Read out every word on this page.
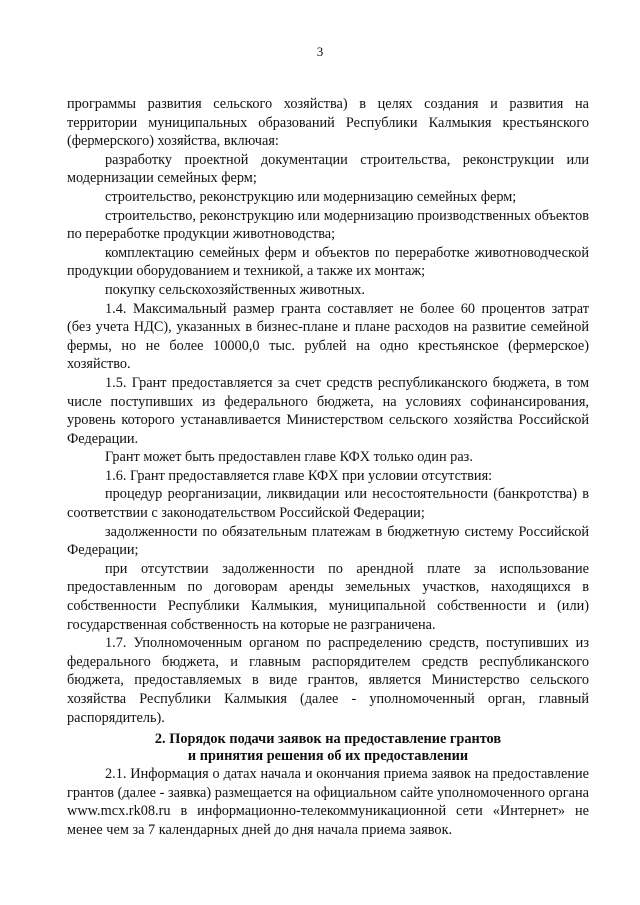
3

программы развития сельского хозяйства) в целях создания и развития на территории муниципальных образований Республики Калмыкия крестьянского (фермерского) хозяйства, включая:

разработку проектной документации строительства, реконструкции или модернизации семейных ферм;

строительство, реконструкцию или модернизацию семейных ферм;

строительство, реконструкцию или модернизацию производственных объектов по переработке продукции животноводства;

комплектацию семейных ферм и объектов по переработке животноводческой продукции оборудованием и техникой, а также их монтаж;

покупку сельскохозяйственных животных.

1.4. Максимальный размер гранта составляет не более 60 процентов затрат (без учета НДС), указанных в бизнес-плане и плане расходов на развитие семейной фермы, но не более 10000,0 тыс. рублей на одно крестьянское (фермерское) хозяйство.

1.5. Грант предоставляется за счет средств республиканского бюджета, в том числе поступивших из федерального бюджета, на условиях софинансирования, уровень которого устанавливается Министерством сельского хозяйства Российской Федерации.

Грант может быть предоставлен главе КФХ только один раз.

1.6. Грант предоставляется главе КФХ при условии отсутствия:

процедур реорганизации, ликвидации или несостоятельности (банкротства) в соответствии с законодательством Российской Федерации;

задолженности по обязательным платежам в бюджетную систему Российской Федерации;

при отсутствии задолженности по арендной плате за использование предоставленным по договорам аренды земельных участков, находящихся в собственности Республики Калмыкия, муниципальной собственности и (или) государственная собственность на которые не разграничена.

1.7. Уполномоченным органом по распределению средств, поступивших из федерального бюджета, и главным распорядителем средств республиканского бюджета, предоставляемых в виде грантов, является Министерство сельского хозяйства Республики Калмыкия (далее - уполномоченный орган, главный распорядитель).

2. Порядок подачи заявок на предоставление грантов

и принятия решения об их предоставлении

2.1. Информация о датах начала и окончания приема заявок на предоставление грантов (далее - заявка) размещается на официальном сайте уполномоченного органа www.mcx.rk08.ru в информационно-телекоммуникационной сети «Интернет» не менее чем за 7 календарных дней до дня начала приема заявок.
